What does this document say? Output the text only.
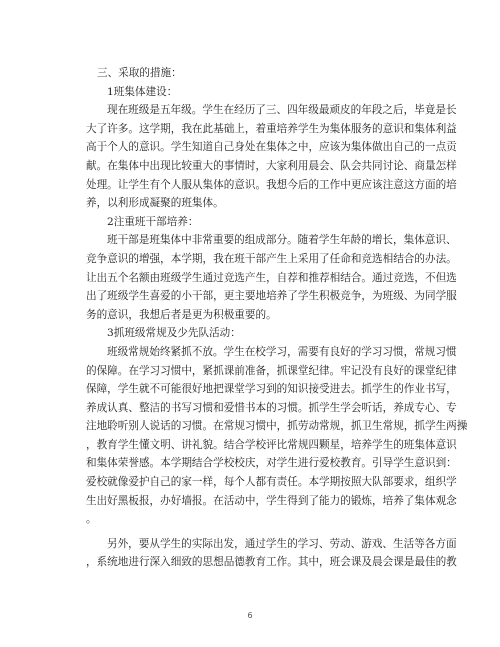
三、采取的措施：
1班集体建设：
现在班级是五年级。学生在经历了三、四年级最顽皮的年段之后，毕竟是长
大了许多。这学期，我在此基础上，着重培养学生为集体服务的意识和集体利益
高于个人的意识。学生知道自己身处在集体之中，应该为集体做出自己的一点贡
献。在集体中出现比较重大的事情时，大家利用晨会、队会共同讨论、商量怎样
处理。让学生有个人服从集体的意识。我想今后的工作中更应该注意这方面的培
养，以利形成凝聚的班集体。
2注重班干部培养：
班干部是班集体中非常重要的组成部分。随着学生年龄的增长，集体意识、
竞争意识的增强，本学期，我在班干部产生上采用了任命和竞选相结合的办法。
让出五个名额由班级学生通过竞选产生，自荐和推荐相结合。通过竞选，不但选
出了班级学生喜爱的小干部，更主要地培养了学生积极竞争，为班级、为同学服
务的意识，我想后者是更为积极重要的。
3抓班级常规及少先队活动：
班级常规始终紧抓不放。学生在校学习，需要有良好的学习习惯，常规习惯
的保障。在学习习惯中，紧抓课前准备，抓课堂纪律。牢记没有良好的课堂纪律
保障，学生就不可能很好地把课堂学习到的知识接受进去。抓学生的作业书写，
养成认真、整洁的书写习惯和爱惜书本的习惯。抓学生学会听话，养成专心、专
注地聆听别人说话的习惯。在常规习惯中，抓劳动常规，抓卫生常规，抓学生两操
，教育学生懂文明、讲礼貌。结合学校评比常规四颗星，培养学生的班集体意识
和集体荣誉感。本学期结合学校校庆，对学生进行爱校教育。引导学生意识到：
爱校就像爱护自己的家一样，每个人都有责任。本学期按照大队部要求，组织学
生出好黑板报，办好墙报。在活动中，学生得到了能力的锻炼，培养了集体观念
。
另外，要从学生的实际出发，通过学生的学习、劳动、游戏、生活等各方面
，系统地进行深入细致的思想品德教育工作。其中，班会课及晨会课是最佳的教
6
